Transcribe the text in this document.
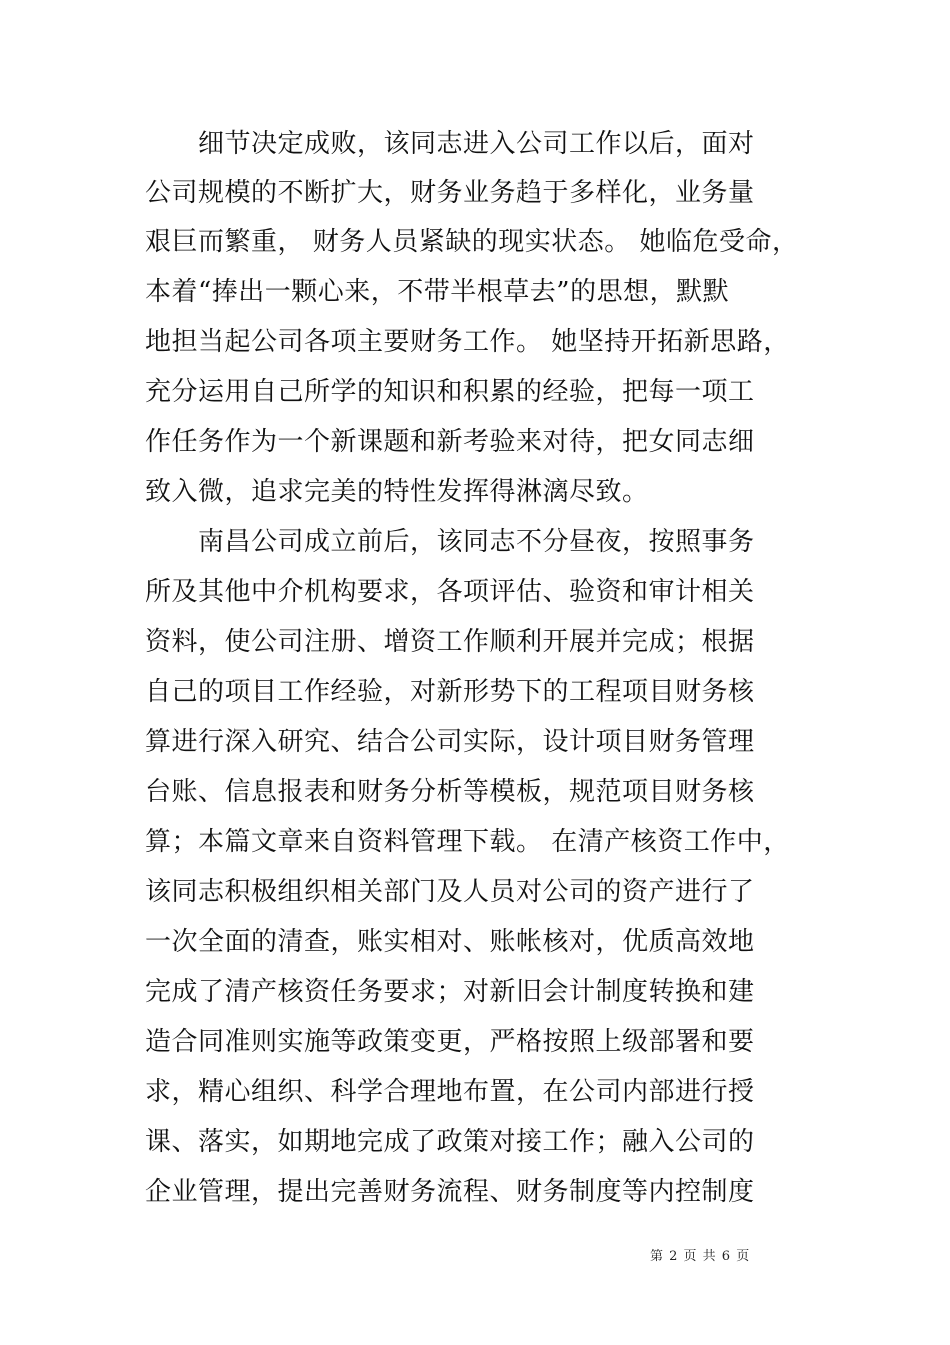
　　细节决定成败，该同志进入公司工作以后，面对
公司规模的不断扩大，财务业务趋于多样化，业务量
艰巨而繁重， 财务人员紧缺的现实状态。 她临危受命，
本着“捧出一颗心来，不带半根草去”的思想，默默
地担当起公司各项主要财务工作。 她坚持开拓新思路，
充分运用自己所学的知识和积累的经验，把每一项工
作任务作为一个新课题和新考验来对待，把女同志细
致入微，追求完美的特性发挥得淋漓尽致。
　　南昌公司成立前后，该同志不分昼夜，按照事务
所及其他中介机构要求，各项评估、验资和审计相关
资料，使公司注册、增资工作顺利开展并完成；根据
自己的项目工作经验，对新形势下的工程项目财务核
算进行深入研究、结合公司实际，设计项目财务管理
台账、信息报表和财务分析等模板，规范项目财务核
算；本篇文章来自资料管理下载。 在清产核资工作中，
该同志积极组织相关部门及人员对公司的资产进行了
一次全面的清查，账实相对、账帐核对，优质高效地
完成了清产核资任务要求；对新旧会计制度转换和建
造合同准则实施等政策变更，严格按照上级部署和要
求，精心组织、科学合理地布置，在公司内部进行授
课、落实，如期地完成了政策对接工作；融入公司的
企业管理，提出完善财务流程、财务制度等内控制度
第 2 页 共 6 页
